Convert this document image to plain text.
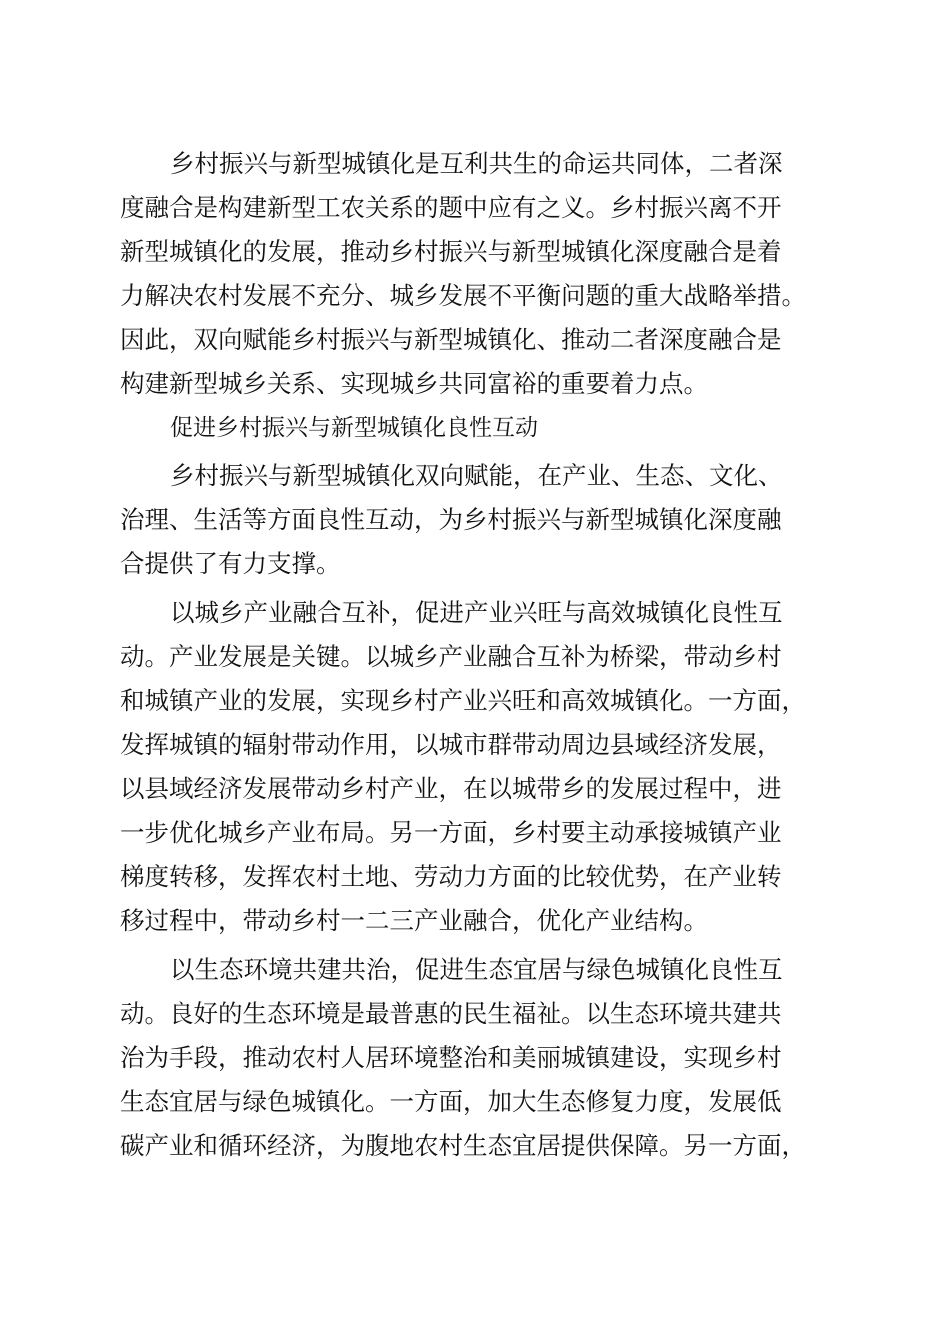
乡村振兴与新型城镇化是互利共生的命运共同体，二者深
度融合是构建新型工农关系的题中应有之义。乡村振兴离不开
新型城镇化的发展，推动乡村振兴与新型城镇化深度融合是着
力解决农村发展不充分、城乡发展不平衡问题的重大战略举措。
因此，双向赋能乡村振兴与新型城镇化、推动二者深度融合是
构建新型城乡关系、实现城乡共同富裕的重要着力点。
促进乡村振兴与新型城镇化良性互动
乡村振兴与新型城镇化双向赋能，在产业、生态、文化、
治理、生活等方面良性互动，为乡村振兴与新型城镇化深度融
合提供了有力支撑。
以城乡产业融合互补，促进产业兴旺与高效城镇化良性互
动。产业发展是关键。以城乡产业融合互补为桥梁，带动乡村
和城镇产业的发展，实现乡村产业兴旺和高效城镇化。一方面，
发挥城镇的辐射带动作用，以城市群带动周边县域经济发展，
以县域经济发展带动乡村产业，在以城带乡的发展过程中，进
一步优化城乡产业布局。另一方面，乡村要主动承接城镇产业
梯度转移，发挥农村土地、劳动力方面的比较优势，在产业转
移过程中，带动乡村一二三产业融合，优化产业结构。
以生态环境共建共治，促进生态宜居与绿色城镇化良性互
动。良好的生态环境是最普惠的民生福祉。以生态环境共建共
治为手段，推动农村人居环境整治和美丽城镇建设，实现乡村
生态宜居与绿色城镇化。一方面，加大生态修复力度，发展低
碳产业和循环经济，为腹地农村生态宜居提供保障。另一方面，
